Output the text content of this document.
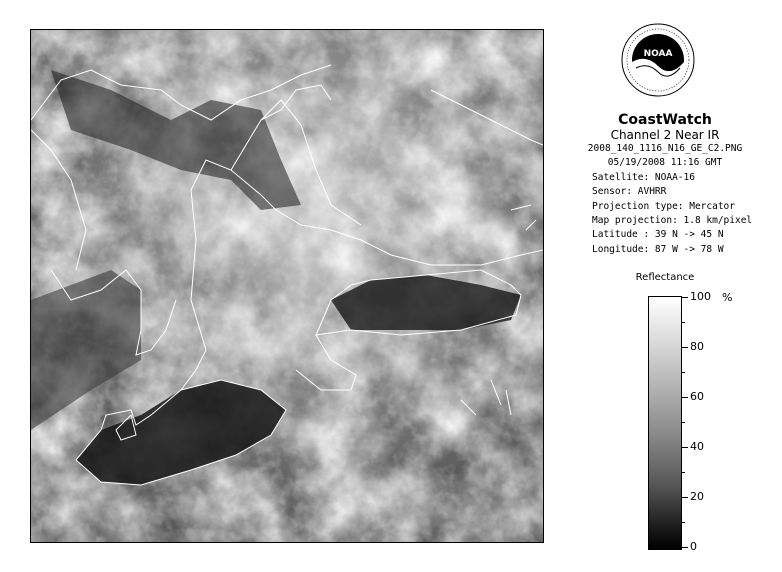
NOAA
CoastWatch
Channel 2 Near IR
2008_140_1116_N16_GE_C2.PNG
05/19/2008 11:16 GMT
Satellite: NOAA-16
Sensor: AVHRR
Projection type: Mercator
Map projection: 1.8 km/pixel
Latitude : 39 N -> 45 N
Longitude: 87 W -> 78 W
Reflectance
%
100
80
60
40
20
0
